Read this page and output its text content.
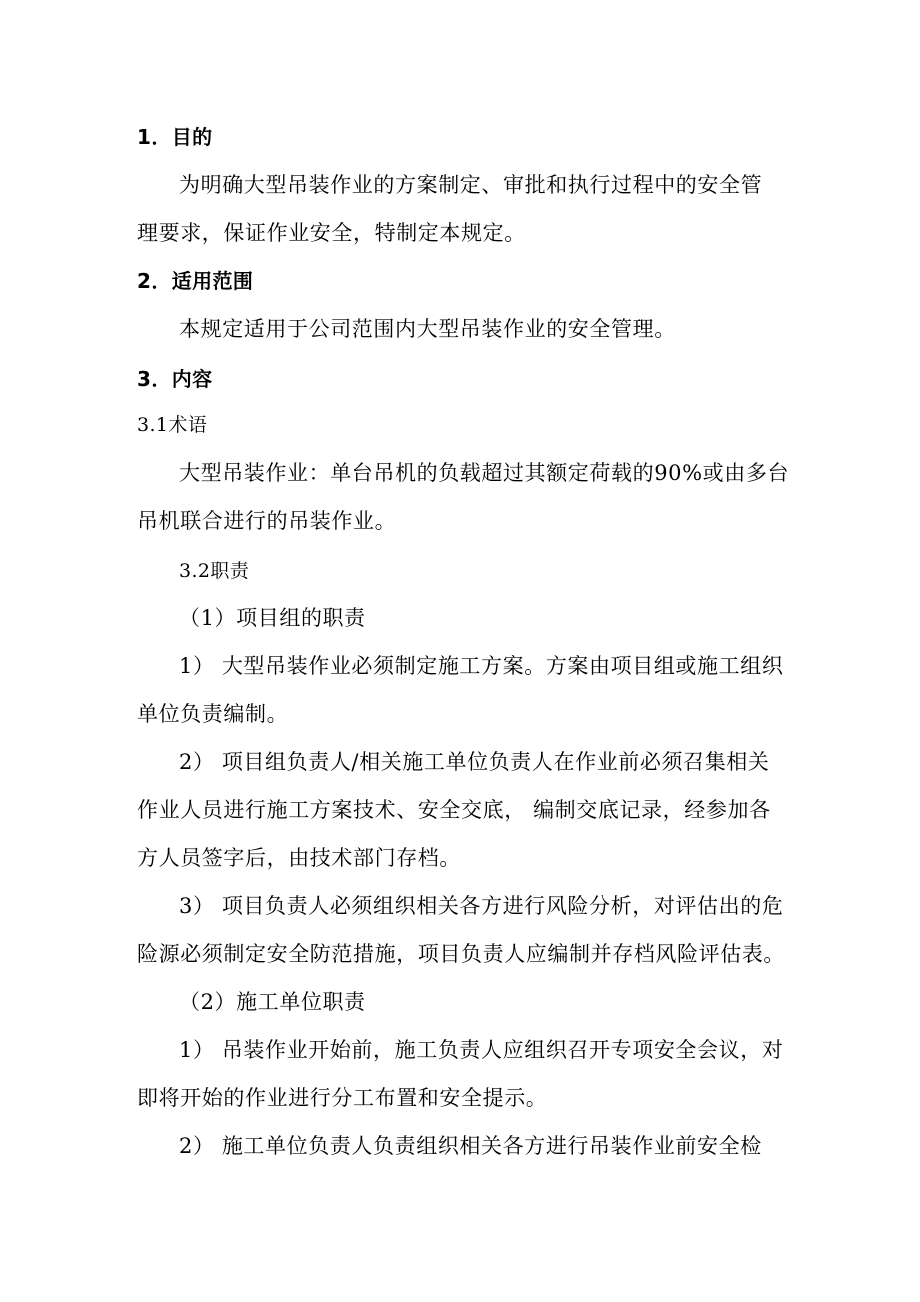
1．目的

为明确大型吊装作业的方案制定、审批和执行过程中的安全管

理要求，保证作业安全，特制定本规定。

2．适用范围

本规定适用于公司范围内大型吊装作业的安全管理。

3．内容

3.1术语

大型吊装作业：单台吊机的负载超过其额定荷载的90%或由多台

吊机联合进行的吊装作业。

3.2职责

（1）项目组的职责

1） 大型吊装作业必须制定施工方案。方案由项目组或施工组织

单位负责编制。

2） 项目组负责人/相关施工单位负责人在作业前必须召集相关

作业人员进行施工方案技术、安全交底， 编制交底记录，经参加各

方人员签字后，由技术部门存档。

3） 项目负责人必须组织相关各方进行风险分析，对评估出的危

险源必须制定安全防范措施，项目负责人应编制并存档风险评估表。

（2）施工单位职责

1） 吊装作业开始前，施工负责人应组织召开专项安全会议，对

即将开始的作业进行分工布置和安全提示。

2） 施工单位负责人负责组织相关各方进行吊装作业前安全检
